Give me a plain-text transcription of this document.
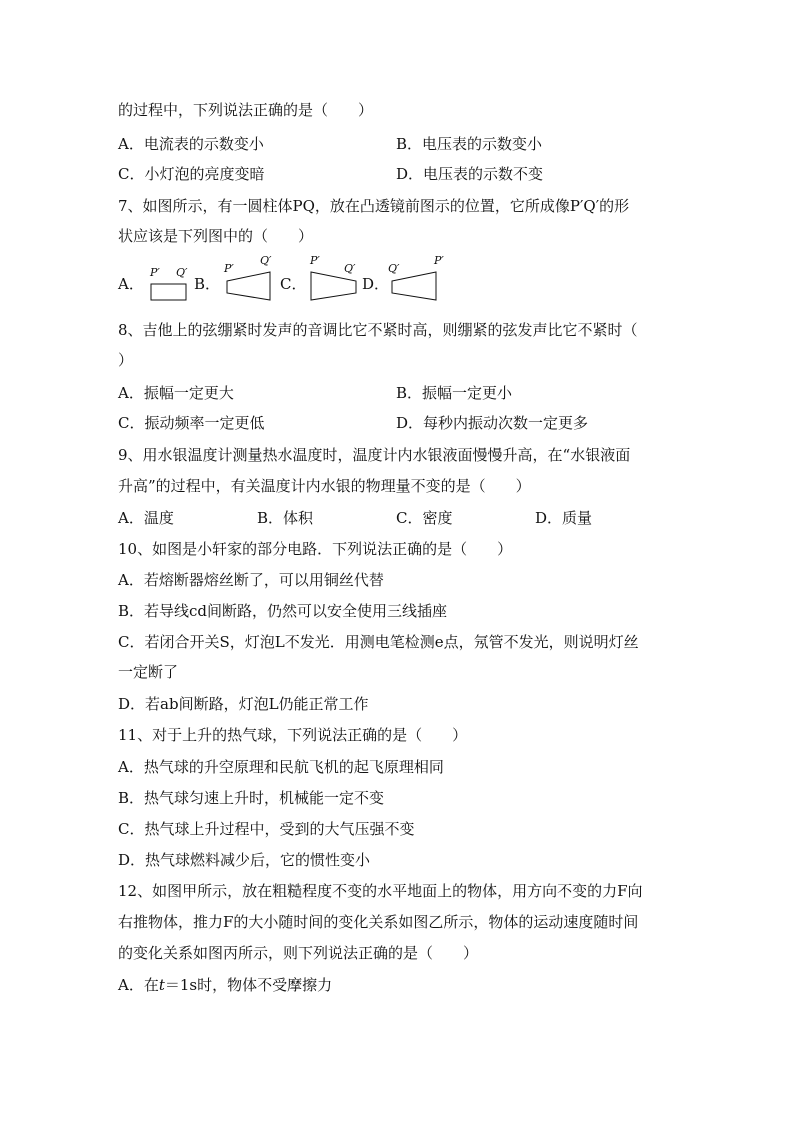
的过程中，下列说法正确的是（　　）
A．电流表的示数变小	B．电压表的示数变小
C．小灯泡的亮度变暗	D．电压表的示数不变
7、如图所示，有一圆柱体PQ，放在凸透镜前图示的位置，它所成像P′Q′的形
状应该是下列图中的（　　）
A．
P′ Q′
B．
P′
Q′
C．
P′
Q′
D．
Q′
P′
8、吉他上的弦绷紧时发声的音调比它不紧时高，则绷紧的弦发声比它不紧时（
）
A．振幅一定更大	B．振幅一定更小
C．振动频率一定更低	D．每秒内振动次数一定更多
9、用水银温度计测量热水温度时，温度计内水银液面慢慢升高，在“水银液面
升高”的过程中，有关温度计内水银的物理量不变的是（　　）
A．温度	B．体积	C．密度	D．质量
10、如图是小轩家的部分电路．下列说法正确的是（　　）
A．若熔断器熔丝断了，可以用铜丝代替
B．若导线cd间断路，仍然可以安全使用三线插座
C．若闭合开关S，灯泡L不发光．用测电笔检测e点，氖管不发光，则说明灯丝
一定断了
D．若ab间断路，灯泡L仍能正常工作
11、对于上升的热气球，下列说法正确的是（　　）
A．热气球的升空原理和民航飞机的起飞原理相同
B．热气球匀速上升时，机械能一定不变
C．热气球上升过程中，受到的大气压强不变
D．热气球燃料减少后，它的惯性变小
12、如图甲所示，放在粗糙程度不变的水平地面上的物体，用方向不变的力F向
右推物体，推力F的大小随时间的变化关系如图乙所示，物体的运动速度随时间
的变化关系如图丙所示，则下列说法正确的是（　　）
A．在t＝1s时，物体不受摩擦力
